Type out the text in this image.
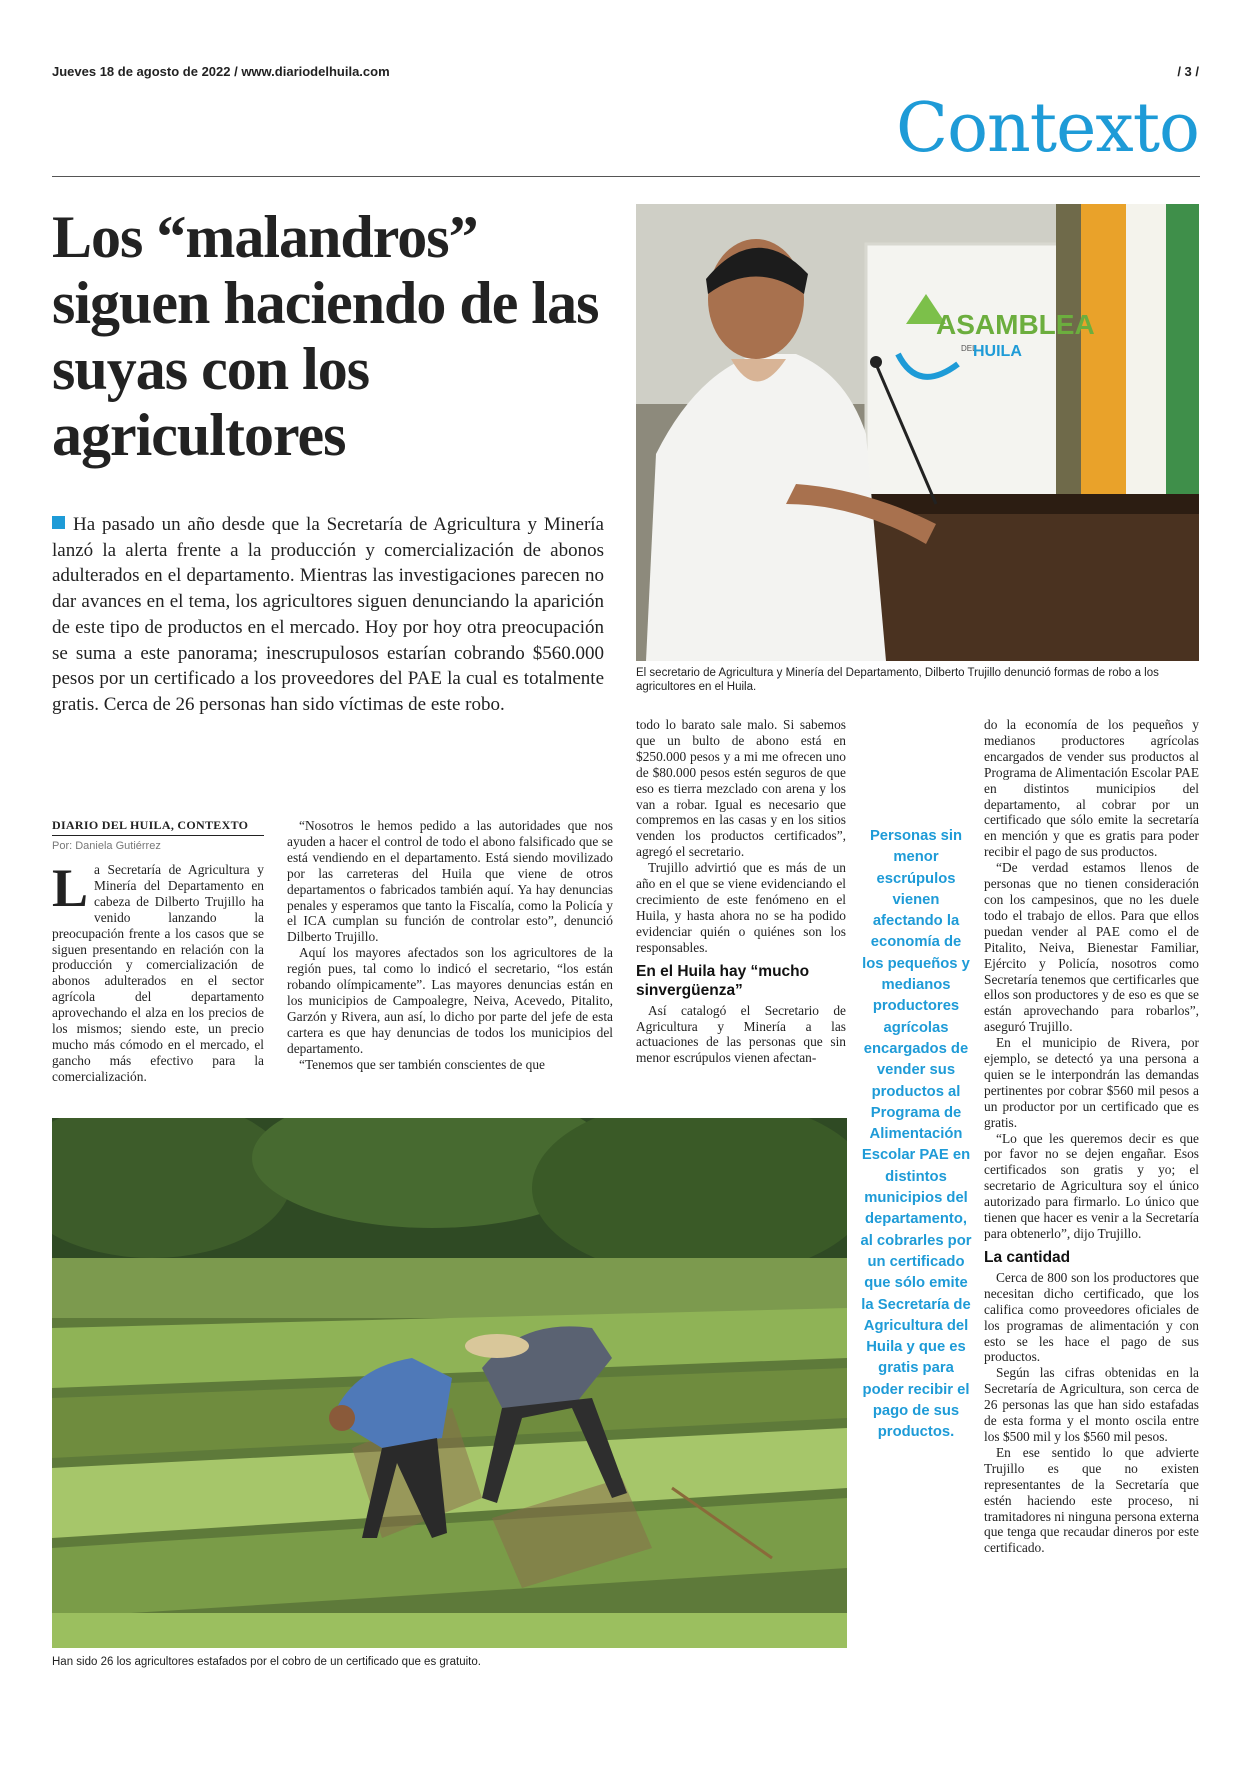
Jueves 18 de agosto de 2022 / www.diariodelhuila.com	/ 3 /
Contexto
Los “malandros” siguen haciendo de las suyas con los agricultores
Ha pasado un año desde que la Secretaría de Agricultura y Minería lanzó la alerta frente a la producción y comercialización de abonos adulterados en el departamento. Mientras las investigaciones parecen no dar avances en el tema, los agricultores siguen denunciando la aparición de este tipo de productos en el mercado. Hoy por hoy otra preocupación se suma a este panorama; inescrupulosos estarían cobrando $560.000 pesos por un certificado a los proveedores del PAE la cual es totalmente gratis. Cerca de 26 personas han sido víctimas de este robo.
ASAMBLEA
DEL
HUILA
El secretario de Agricultura y Minería del Departamento, Dilberto Trujillo denunció formas de robo a los agricultores en el Huila.
DIARIO DEL HUILA, CONTEXTO
Por: Daniela Gutiérrez

La Secretaría de Agricultura y Minería del Departamento en cabeza de Dilberto Trujillo ha venido lanzando la preocupación frente a los casos que se siguen presentando en relación con la producción y comercialización de abonos adulterados en el sector agrícola del departamento aprovechando el alza en los precios de los mismos; siendo este, un precio mucho más cómodo en el mercado, el gancho más efectivo para la comercialización.

“Nosotros le hemos pedido a las autoridades que nos ayuden a hacer el control de todo el abono falsificado que se está vendiendo en el departamento. Está siendo movilizado por las carreteras del Huila que viene de otros departamentos o fabricados también aquí. Ya hay denuncias penales y esperamos que tanto la Fiscalía, como la Policía y el ICA cumplan su función de controlar esto”, denunció Dilberto Trujillo.

Aquí los mayores afectados son los agricultores de la región pues, tal como lo indicó el secretario, “los están robando olímpicamente”. Las mayores denuncias están en los municipios de Campoalegre, Neiva, Acevedo, Pitalito, Garzón y Rivera, aun así, lo dicho por parte del jefe de esta cartera es que hay denuncias de todos los municipios del departamento.

“Tenemos que ser también conscientes de que

todo lo barato sale malo. Si sabemos que un bulto de abono está en $250.000 pesos y a mi me ofrecen uno de $80.000 pesos estén seguros de que eso es tierra mezclado con arena y los van a robar. Igual es necesario que compremos en las casas y en los sitios venden los productos certificados”, agregó el secretario.

Trujillo advirtió que es más de un año en el que se viene evidenciando el crecimiento de este fenómeno en el Huila, y hasta ahora no se ha podido evidenciar quién o quiénes son los responsables.

En el Huila hay “mucho sinvergüenza”

Así catalogó el Secretario de Agricultura y Minería a las actuaciones de las personas que sin menor escrúpulos vienen afectan-

Personas sin menor escrúpulos vienen afectando la economía de los pequeños y medianos productores agrícolas encargados de vender sus productos al Programa de Alimentación Escolar PAE en distintos municipios del departamento, al cobrarles por un certificado que sólo emite la Secretaría de Agricultura del Huila y que es gratis para poder recibir el pago de sus productos.

do la economía de los pequeños y medianos productores agrícolas encargados de vender sus productos al Programa de Alimentación Escolar PAE en distintos municipios del departamento, al cobrar por un certificado que sólo emite la secretaría en mención y que es gratis para poder recibir el pago de sus productos.

“De verdad estamos llenos de personas que no tienen consideración con los campesinos, que no les duele todo el trabajo de ellos. Para que ellos puedan vender al PAE como el de Pitalito, Neiva, Bienestar Familiar, Ejército y Policía, nosotros como Secretaría tenemos que certificarles que ellos son productores y de eso es que se están aprovechando para robarlos”, aseguró Trujillo.

En el municipio de Rivera, por ejemplo, se detectó ya una persona a quien se le interpondrán las demandas pertinentes por cobrar $560 mil pesos a un productor por un certificado que es gratis.

“Lo que les queremos decir es que por favor no se dejen engañar. Esos certificados son gratis y yo; el secretario de Agricultura soy el único autorizado para firmarlo. Lo único que tienen que hacer es venir a la Secretaría para obtenerlo”, dijo Trujillo.

La cantidad

Cerca de 800 son los productores que necesitan dicho certificado, que los califica como proveedores oficiales de los programas de alimentación y con esto se les hace el pago de sus productos.

Según las cifras obtenidas en la Secretaría de Agricultura, son cerca de 26 personas las que han sido estafadas de esta forma y el monto oscila entre los $500 mil y los $560 mil pesos.

En ese sentido lo que advierte Trujillo es que no existen representantes de la Secretaría que estén haciendo este proceso, ni tramitadores ni ninguna persona externa que tenga que recaudar dineros por este certificado.

Han sido 26 los agricultores estafados por el cobro de un certificado que es gratuito.
